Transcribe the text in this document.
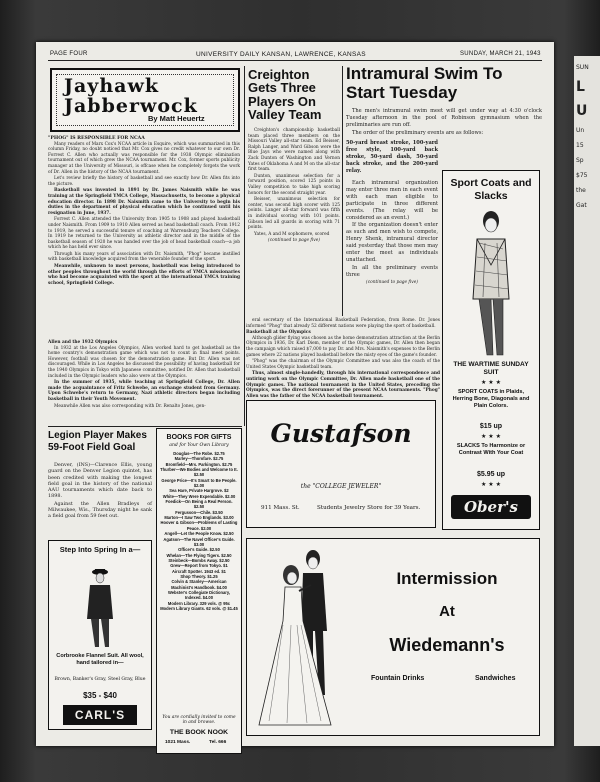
SUN
L
U
Un
15
Sp
$75
the
Gat
PAGE FOUR	UNIVERSITY DAILY KANSAN, LAWRENCE, KANSAS	SUNDAY, MARCH 21, 1943
Jayhawk Jabberwock
By Matt Heuertz
"PHOG" IS RESPONSIBLE FOR NCAA

Many readers of Marx Cox's NCAA article in Esquire, which was summarized in this column Friday, no doubt noticed that Mr. Cox gives no credit whatever to our own Dr. Forrest C. Allen who actually was responsible for the 1938 Olympic elimination tournament out of which grew the NCAA tournament. Mr. Cox, former sports publicity manager at the University of Missouri, is offcase when he completely forgets the work of Dr. Allen in the history of the NCAA tournament.

Let's review briefly the history of basketball and see exactly how Dr. Allen fits into the picture.

Basketball was invented in 1891 by Dr. James Naismith while he was training at the Springfield YMCA College, Massachusetts, to become a physical education director. In 1898 Dr. Naismith came to the University to begin his duties in the department of physical education which he continued until his resignation in June, 1937.

Forrest C. Allen attended the University from 1905 to 1908 and played basketball under Naismith. From 1909 to 1910 Allen served as head basketball coach. From 1912 to 1919, he served a successful tenure of coaching at Warrensburg Teachers College. In 1919 he returned to the University as athletic director and in the middle of the basketball season of 1920 he was handed over the job of head basketball coach—a job which he has held ever since.

Through his many years of association with Dr. Naismith, "Phog" became instilled with basketball knowledge acquired from the venerable founder of the sport.

Meanwhile, unknown to most persons, basketball was being introduced to other peoples throughout the world through the efforts of YMCA missionaries who had become acquainted with the sport at the international YMCA training school, Springfield College.

Allen and the 1932 Olympics

In 1932 at the Los Angeles Olympics, Allen worked hard to get basketball as the home country's demonstration game which was not to count in final meet points. However, football was chosen for the demonstration game. But Dr. Allen was not discouraged. While in Los Angeles he discussed the possibility of having basketball for the 1940 Olympics in Tokyo with Japanese committee, notified Dr. Allen that basketball included in the Olympic leaders who also were at the Olympics.

In the summer of 1935, while teaching at Springfield College, Dr. Allen made the acquaintance of Fritz Schwebe, an exchange student from Germany. Upon Schwebe's return to Germany, Nazi athletic directors began including basketball in their Youth Movement.

Meanwhile Allen was also corresponding with Dr. Renalto Jones, gen-

Creighton Gets Three Players On Valley Team

Creighton's championship basketball team placed three members on the Missouri Valley all-star team. Ed Beisser, Ralph Langer, and Ward Gibson were the Blue Jays who were named along with Zack Dunton of Washington and Vernon Yates of Oklahoma A and M on the all-star first team.

Dunton, unanimous selection for a forward position, scored 125 points in Valley competition to take high scoring honors for the second straight year.

Beisser, unanimous selection for center, was second high scorer with 125 points. Langer all-star forward was fifth in individual scoring with 101 points. Gibson led all guards in scoring with 71 points.

Yates, A and M sophomore, scored

(continued to page five)
Intramural Swim To Start Tuesday

The men's intramural swim meet will get under way at 4:30 o'clock Tuesday afternoon in the pool of Robinson gymnasium when the preliminaries are run off.

The order of the preliminary events are as follows:

50-yard breast stroke, 100-yard free style, 100-yard back stroke, 50-yard dash, 50-yard back stroke, and the 200-yard relay.

Each intramural organization may enter three men in each event with each man eligible to participate in three different events. (The relay will be considered as an event.)

If the organization doesn't enter as such and men wish to compete, Henry Shenk, intramural director said yesterday that those men may enter the meet as individuals unattached.

In all the preliminary events three

(continued to page five)

eral secretary of the International Basketball Federation, from Rome. Dr. Jones informed "Phog" that already 52 different nations were playing the sport of basketball.

Basketball at the Olympics

Although glider flying was chosen as the home demonstration attraction at the Berlin Olympics in 1936, Dr. Karl Diem, member of the Olympic games, Dr. Allen then began the campaign which raised $7,000 to pay Dr. and Mrs. Naismith's expenses to the Berlin games where 22 nations played basketball before the misty eyes of the game's founder.

"Phog" was the chairman of the Olympic Committee and was also the coach of the United States Olympic basketball team.

Thus, almost single-handedly, through his international correspondence and untiring work on the Olympic Committee, Dr. Allen made basketball one of the Olympic games. The national tournament in the United States, preceding the Olympics, was the direct forerunner of the present NCAA tournaments. "Phog" Allen was the father of the NCAA basketball tournament.

Sport Coats and Slacks
THE WARTIME SUNDAY SUIT
★ ★ ★
SPORT COATS in Plaids, Herring Bone, Diagonals and Plain Colors.
$15 up
★ ★ ★
SLACKS To Harmonize or Contrast With Your Coat
$5.95 up
★ ★ ★
Ober's
Legion Player Makes 59-Foot Field Goal

Denver, (INS)—Clarence Ellis, young guard on the Denver Legion quintet, has been credited with making the longest field goal in the history of the national AAU tournaments which date back to 1898.

Against the Allen Bradleys of Milwaukee, Wis., Thursday night he sank a field goal from 59 feet out.

Step Into Spring In a—
Corbrooke Flannel Suit. All wool, hand tailored in—
Brown, Banker's Gray, Steel Gray, Blue
$35 - $40
CARL'S
BOOKS FOR GIFTS
and for Your Own Library
Douglas—The Robe. $2.75
Marley—Thorofare. $2.75
Bromfield—Mrs. Parkington. $2.75
Thurber—We Bodies and Welcome to It. $2.50
George Price—It's Smart to Be People. $2.00
Sea Hare, Private Hargrove. $2
White—They Were Expendable. $2.00
Foedick—On Being a Real Person. $2.50
Fergusson—Chile. $3.50
Marton—I Saw Two Englands. $3.00
Hoover & Gibson—Problems of Lasting Peace. $2.00
Angell—Let the People Know. $2.50
Agatson—The Navel Officer's Guide. $3.00
Officer's Guide. $2.50
Whelan—The Flying Tigers. $2.50
Steinbeck—Bombs Away. $2.50
Grew—Report from Tokyo. $1
Aircraft Spotter. 1943 ed. $1
Shop Theory. $1.25
Colvin & Stanley—American Machinist's Handbook. $4.00
Webster's Collegiate Dictionary, Indexed. $4.00
Modern Library. 329 vols. @ 95c
Modern Library Giants. 62 vols. @ $1.45
You are cordially invited to come in and browse.
THE BOOK NOOK
1021 Mass.	Tel. 666
Gustafson
the "COLLEGE JEWELER"
911 Mass. St.	Students Jewelry Store for 39 Years.
Intermission
At
Wiedemann's
Fountain Drinks	Sandwiches
